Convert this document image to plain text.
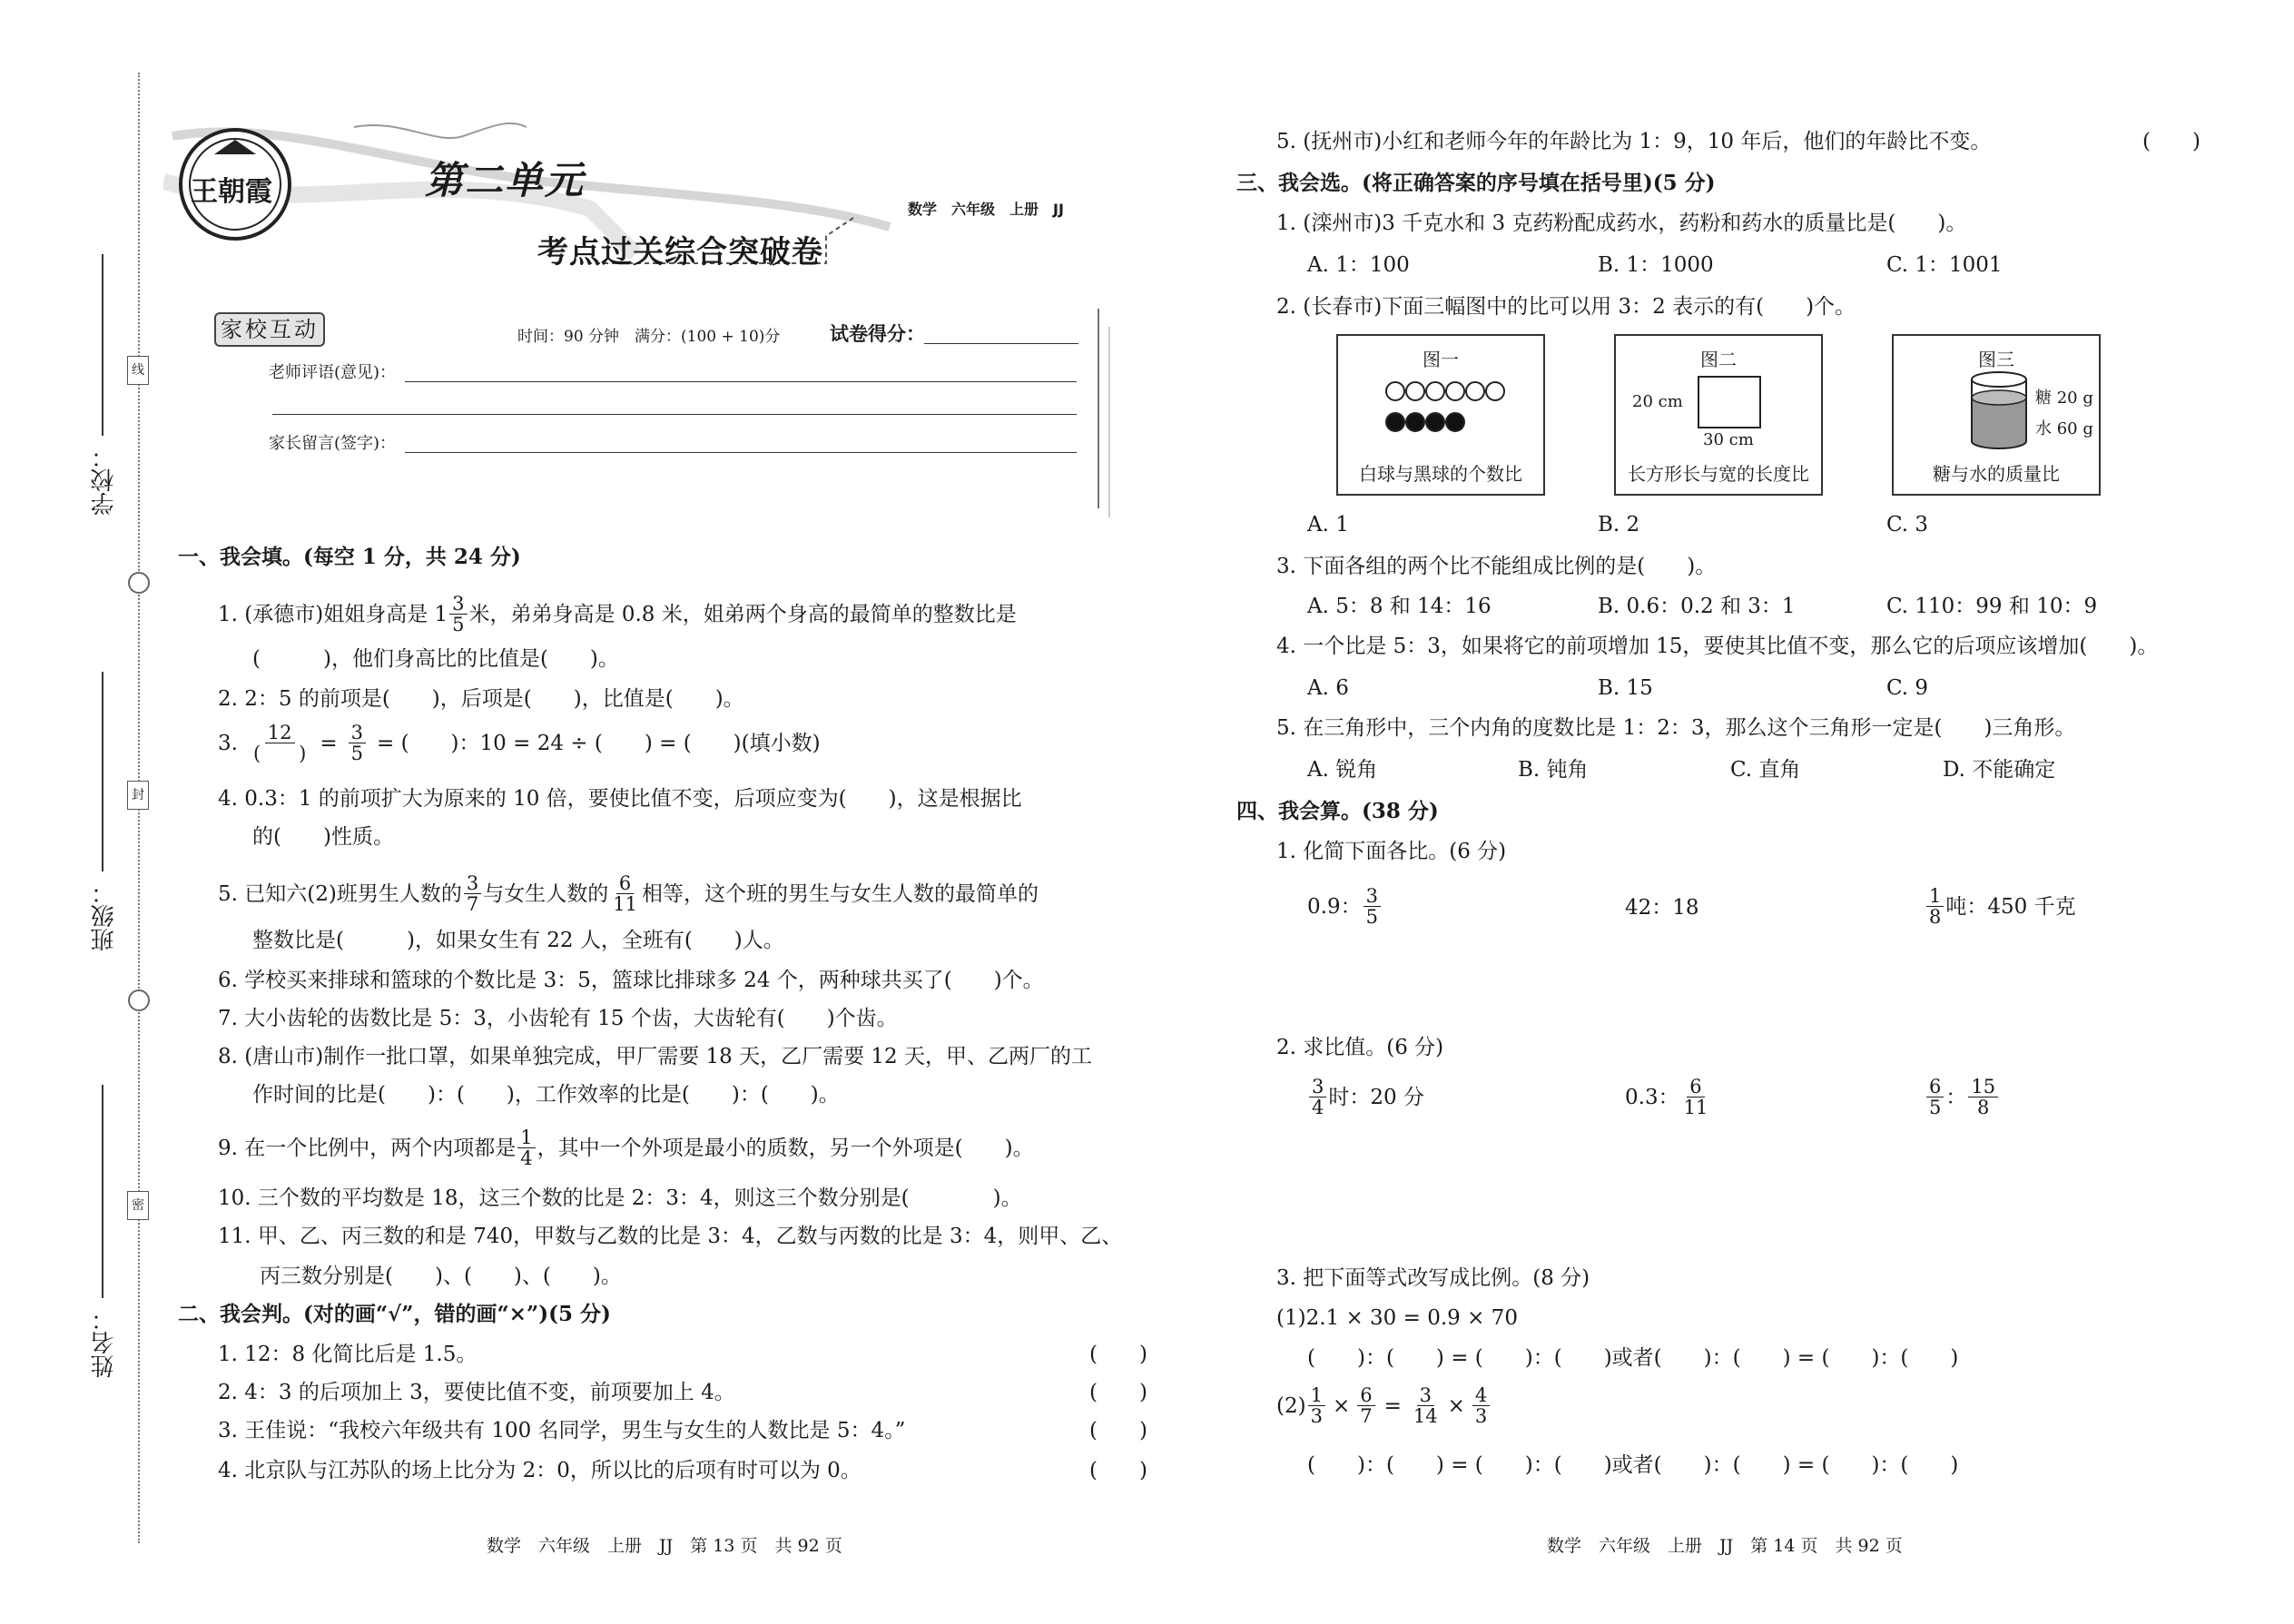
学校：
班级：
姓名：
线
封
密
王朝霞	第二单元
考点过关综合突破卷
数学　六年级　上册　JJ
家校互动	时间：90 分钟　满分：(100 + 10)分	试卷得分：
老师评语(意见)：
家长留言(签字)：
一、我会填。(每空 1 分，共 24 分)
1. (承德市)姐姐身高是 $1 \frac{3}{5}$ 米，弟弟身高是 0.8 米，姐弟两个身高的最简单的整数比是
(　　　)，他们身高比的比值是(　　)。
2. 2：5 的前项是(　　)，后项是(　　)，比值是(　　)。
3. $\frac{12}{( )} = \frac{3}{5}$ = (　　)：10 = 24 ÷ (　　) = (　　)(填小数)
4. 0.3：1 的前项扩大为原来的 10 倍，要使比值不变，后项应变为(　　)，这是根据比
的(　　)性质。
5. 已知六(2)班男生人数的 $\frac{3}{7}$ 与女生人数的 $\frac{6}{11}$ 相等，这个班的男生与女生人数的最简单的
整数比是(　　　)，如果女生有 22 人，全班有(　　)人。
6. 学校买来排球和篮球的个数比是 3：5，篮球比排球多 24 个，两种球共买了(　　)个。
7. 大小齿轮的齿数比是 5：3，小齿轮有 15 个齿，大齿轮有(　　)个齿。
8. (唐山市)制作一批口罩，如果单独完成，甲厂需要 18 天，乙厂需要 12 天，甲、乙两厂的工
作时间的比是(　　)：(　　)，工作效率的比是(　　)：(　　)。
9. 在一个比例中，两个内项都是 $\frac{1}{4}$ ，其中一个外项是最小的质数，另一个外项是(　　)。
10. 三个数的平均数是 18，这三个数的比是 2：3：4，则这三个数分别是(　　　　)。
11. 甲、乙、丙三数的和是 740，甲数与乙数的比是 3：4，乙数与丙数的比是 3：4，则甲、乙、
丙三数分别是(　　)、(　　)、(　　)。
二、我会判。(对的画“√”，错的画“×”)(5 分)
1. 12：8 化简比后是 1.5。	(　　)
2. 4：3 的后项加上 3，要使比值不变，前项要加上 4。	(　　)
3. 王佳说：“我校六年级共有 100 名同学，男生与女生的人数比是 5：4。”	(　　)
4. 北京队与江苏队的场上比分为 2：0，所以比的后项有时可以为 0。	(　　)
数学　六年级　上册　JJ　第 13 页　共 92 页
5. (抚州市)小红和老师今年的年龄比为 1：9，10 年后，他们的年龄比不变。	(　　)
三、我会选。(将正确答案的序号填在括号里)(5 分)
1. (滦州市)3 千克水和 3 克药粉配成药水，药粉和药水的质量比是(　　)。
A. 1：100	B. 1：1000	C. 1：1001
2. (长春市)下面三幅图中的比可以用 3：2 表示的有(　　)个。
图一
白球与黑球的个数比
图二
20 cm
30 cm
长方形长与宽的长度比
图三
糖 20 g
水 60 g
糖与水的质量比
A. 1	B. 2	C. 3
3. 下面各组的两个比不能组成比例的是(　　)。
A. 5：8 和 14：16	B. 0.6：0.2 和 3：1	C. 110：99 和 10：9
4. 一个比是 5：3，如果将它的前项增加 15，要使其比值不变，那么它的后项应该增加(　　)。
A. 6	B. 15	C. 9
5. 在三角形中，三个内角的度数比是 1：2：3，那么这个三角形一定是(　　)三角形。
A. 锐角	B. 钝角	C. 直角	D. 不能确定
四、我会算。(38 分)
1. 化简下面各比。(6 分)
0.9： $\frac{3}{5}$	42：18	$\frac{1}{8}$ 吨：450 千克
2. 求比值。(6 分)
$\frac{3}{4}$ 时：20 分	0.3： $\frac{6}{11}$	$\frac{6}{5}$ ： $\frac{15}{8}$
3. 把下面等式改写成比例。(8 分)
(1)2.1 × 30 = 0.9 × 70
(　　)：(　　) = (　　)：(　　)或者(　　)：(　　) = (　　)：(　　)
$(2) \frac{1}{3} \times \frac{6}{7} = \frac{3}{14} \times \frac{4}{3}$
(　　)：(　　) = (　　)：(　　)或者(　　)：(　　) = (　　)：(　　)
数学　六年级　上册　JJ　第 14 页　共 92 页
